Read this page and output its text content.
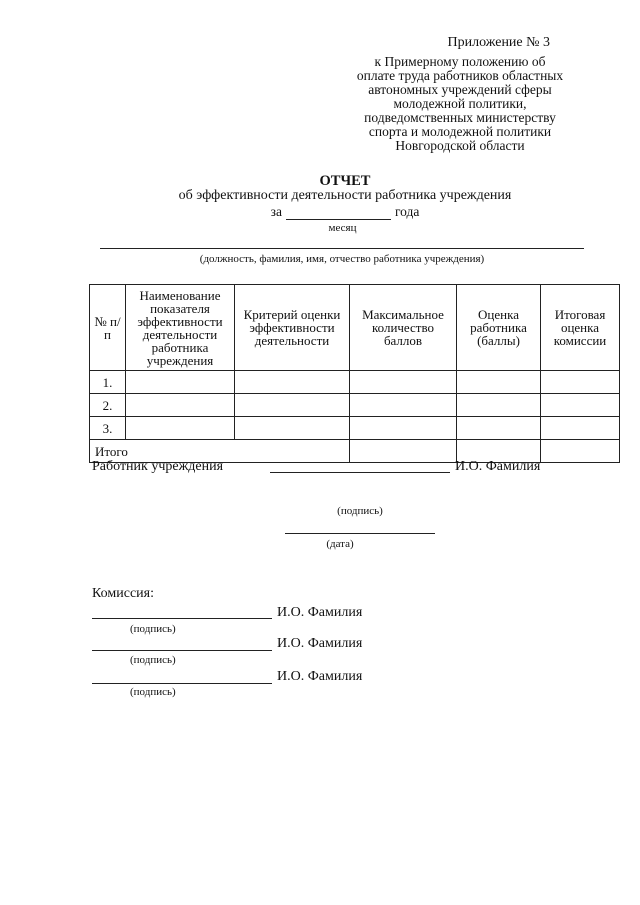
Приложение № 3
к Примерному положению об
оплате труда работников областных
автономных учреждений сферы
молодежной политики,
подведомственных министерству
спорта и молодежной политики
Новгородской области
ОТЧЕТ
об эффективности деятельности работника учреждения
за	года
месяц
(должность, фамилия, имя, отчество работника учреждения)
№ п/п	Наименование показателя эффективности деятельности работника учреждения	Критерий оценки эффективности деятельности	Максимальное количество баллов	Оценка работника (баллы)	Итоговая оценка комиссии
1.					
2.					
3.					
Итого					
Работник учреждения	И.О. Фамилия
(подпись)
(дата)
Комиссия:
И.О. Фамилия
(подпись)
И.О. Фамилия
(подпись)
И.О. Фамилия
(подпись)
